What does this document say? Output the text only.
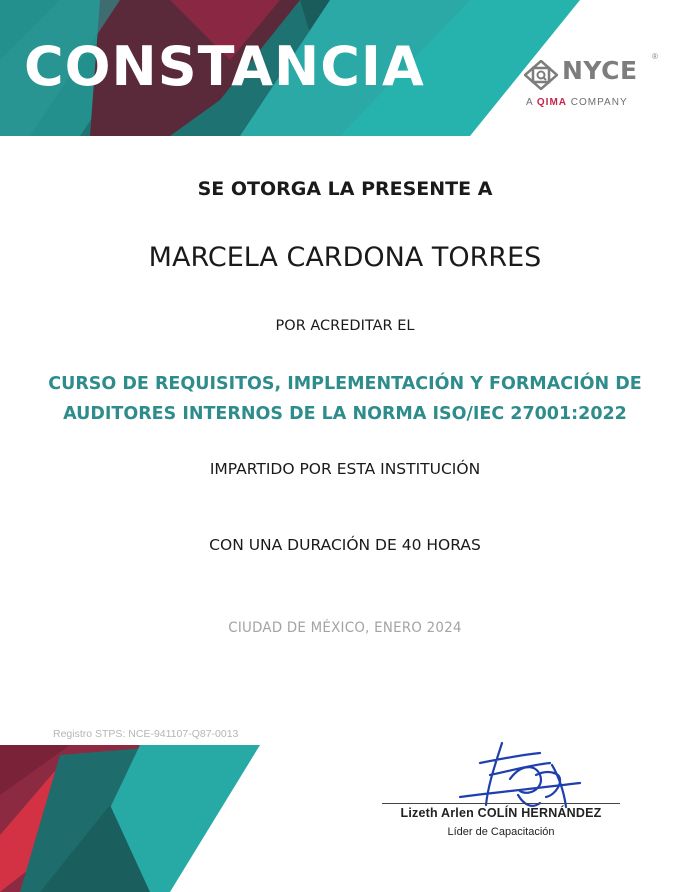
CONSTANCIA	NYCE ®
A QIMA COMPANY
SE OTORGA LA PRESENTE A
MARCELA CARDONA TORRES
POR ACREDITAR EL
CURSO DE REQUISITOS, IMPLEMENTACIÓN Y FORMACIÓN DE
AUDITORES INTERNOS DE LA NORMA ISO/IEC 27001:2022
IMPARTIDO POR ESTA INSTITUCIÓN
CON UNA DURACIÓN DE 40 HORAS
CIUDAD DE MÉXICO, ENERO 2024
Registro STPS: NCE-941107-Q87-0013
Lizeth Arlen COLÍN HERNÁNDEZ
Líder de Capacitación
